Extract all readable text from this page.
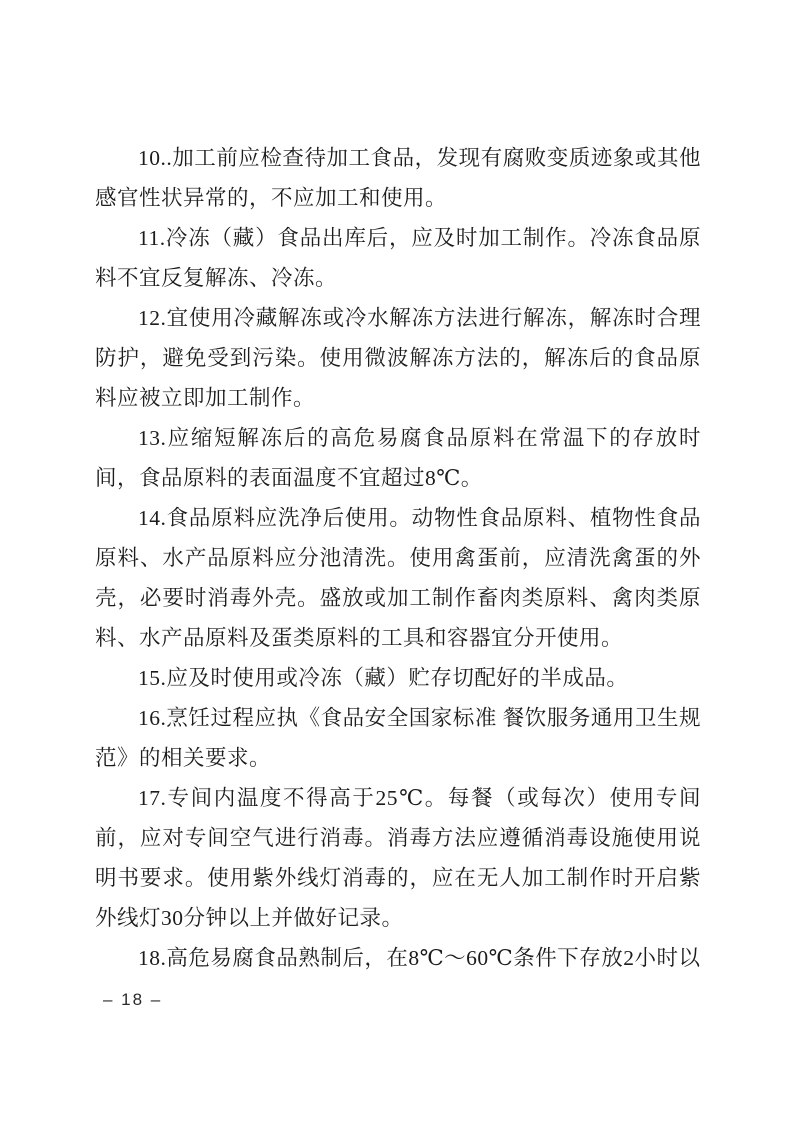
10..加工前应检查待加工食品，发现有腐败变质迹象或其他感官性状异常的，不应加工和使用。

11.冷冻（藏）食品出库后，应及时加工制作。冷冻食品原料不宜反复解冻、冷冻。

12.宜使用冷藏解冻或冷水解冻方法进行解冻，解冻时合理防护，避免受到污染。使用微波解冻方法的，解冻后的食品原料应被立即加工制作。

13.应缩短解冻后的高危易腐食品原料在常温下的存放时间，食品原料的表面温度不宜超过8℃。

14.食品原料应洗净后使用。动物性食品原料、植物性食品原料、水产品原料应分池清洗。使用禽蛋前，应清洗禽蛋的外壳，必要时消毒外壳。盛放或加工制作畜肉类原料、禽肉类原料、水产品原料及蛋类原料的工具和容器宜分开使用。

15.应及时使用或冷冻（藏）贮存切配好的半成品。

16.烹饪过程应执《食品安全国家标准 餐饮服务通用卫生规范》的相关要求。

17.专间内温度不得高于25℃。每餐（或每次）使用专间前，应对专间空气进行消毒。消毒方法应遵循消毒设施使用说明书要求。使用紫外线灯消毒的，应在无人加工制作时开启紫外线灯30分钟以上并做好记录。

18.高危易腐食品熟制后，在8℃～60℃条件下存放2小时以

– 18 –
